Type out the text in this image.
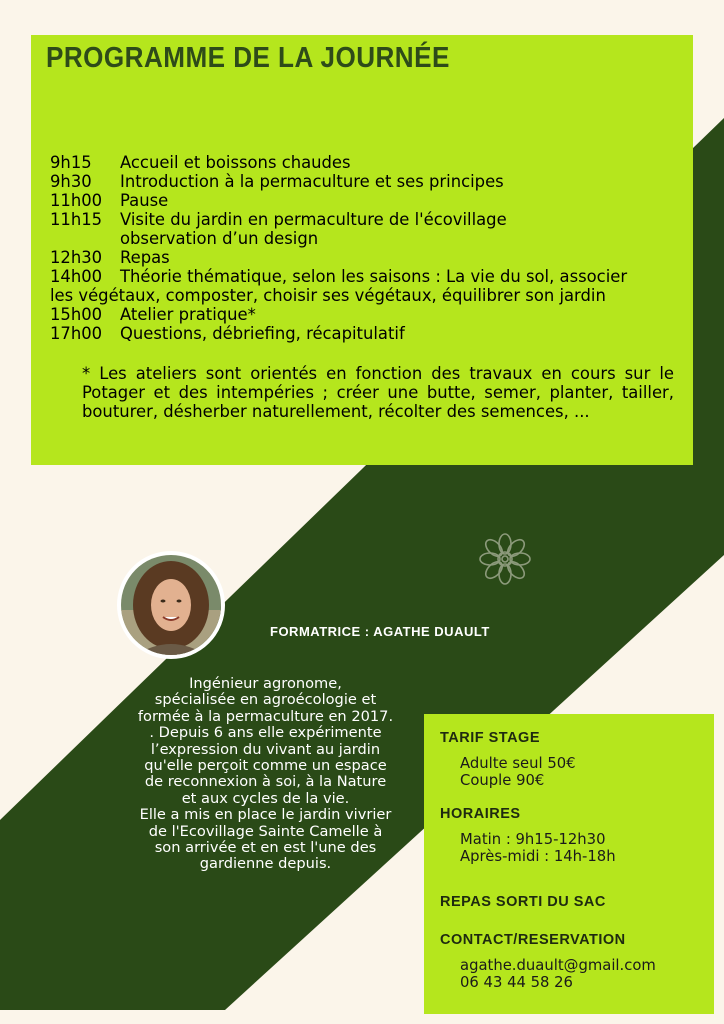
PROGRAMME DE LA JOURNÉE
9h15	Accueil et boissons chaudes
9h30	Introduction à la permaculture et ses principes
11h00	Pause
11h15	Visite du jardin en permaculture de l'écovillage
observation d’un design
12h30	Repas
14h00	Théorie thématique, selon les saisons : La vie du sol, associer
les végétaux, composter, choisir ses végétaux, équilibrer son jardin
15h00	Atelier pratique*
17h00	Questions, débriefing, récapitulatif
* Les ateliers sont orientés en fonction des travaux en cours sur le Potager et des intempéries ; créer une butte, semer, planter, tailler, bouturer, désherber naturellement, récolter des semences, ...
FORMATRICE : AGATHE DUAULT
Ingénieur agronome,
spécialisée en agroécologie et
formée à la permaculture en 2017.
. Depuis 6 ans elle expérimente
l’expression du vivant au jardin
qu'elle perçoit comme un espace
de reconnexion à soi, à la Nature
et aux cycles de la vie.
Elle a mis en place le jardin vivrier
de l'Ecovillage Sainte Camelle à
son arrivée et en est l'une des
gardienne depuis.
TARIF STAGE
Adulte seul 50€
Couple 90€
HORAIRES
Matin : 9h15-12h30
Après-midi : 14h-18h
REPAS SORTI DU SAC
CONTACT/RESERVATION
agathe.duault@gmail.com
06 43 44 58 26
